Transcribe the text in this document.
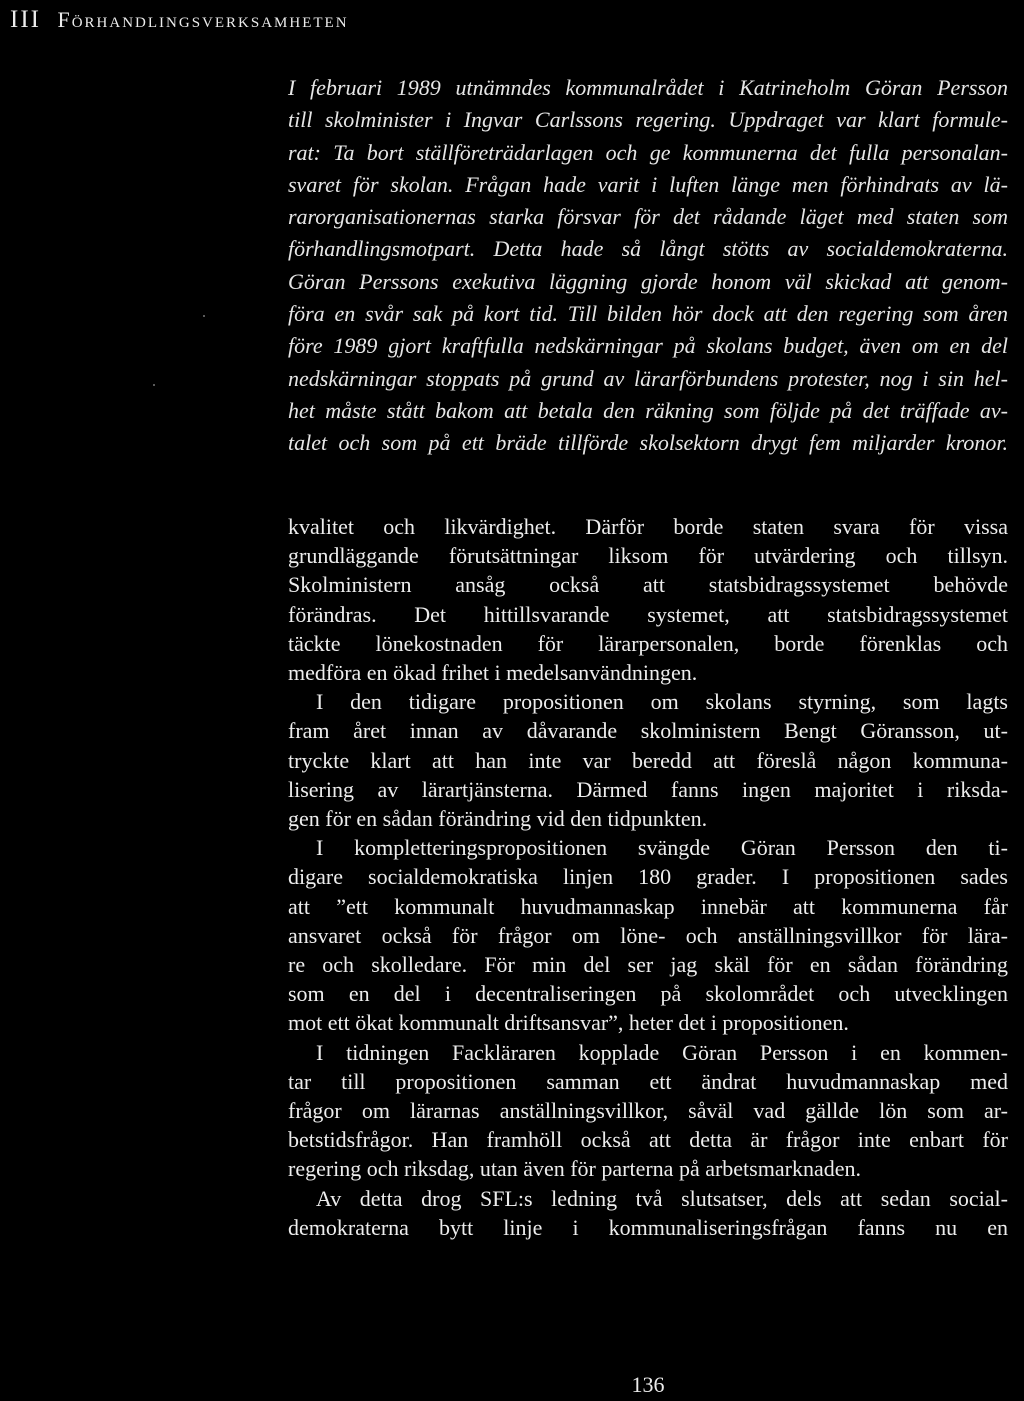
III Förhandlingsverksamheten
I februari 1989 utnämndes kommunalrådet i Katrineholm Göran Persson
till skolminister i Ingvar Carlssons regering. Uppdraget var klart formule-
rat: Ta bort ställföreträdarlagen och ge kommunerna det fulla personalan-
svaret för skolan. Frågan hade varit i luften länge men förhindrats av lä-
rarorganisationernas starka försvar för det rådande läget med staten som
förhandlingsmotpart. Detta hade så långt stötts av socialdemokraterna.
Göran Perssons exekutiva läggning gjorde honom väl skickad att genom-
föra en svår sak på kort tid. Till bilden hör dock att den regering som åren
före 1989 gjort kraftfulla nedskärningar på skolans budget, även om en del
nedskärningar stoppats på grund av lärarförbundens protester, nog i sin hel-
het måste stått bakom att betala den räkning som följde på det träffade av-
talet och som på ett bräde tillförde skolsektorn drygt fem miljarder kronor.
kvalitet och likvärdighet. Därför borde staten svara för vissa
grundläggande förutsättningar liksom för utvärdering och tillsyn.
Skolministern ansåg också att statsbidragssystemet behövde
förändras. Det hittillsvarande systemet, att statsbidragssystemet
täckte lönekostnaden för lärarpersonalen, borde förenklas och
medföra en ökad frihet i medelsanvändningen.
I den tidigare propositionen om skolans styrning, som lagts
fram året innan av dåvarande skolministern Bengt Göransson, ut-
tryckte klart att han inte var beredd att föreslå någon kommuna-
lisering av lärartjänsterna. Därmed fanns ingen majoritet i riksda-
gen för en sådan förändring vid den tidpunkten.
I kompletteringspropositionen svängde Göran Persson den ti-
digare socialdemokratiska linjen 180 grader. I propositionen sades
att ”ett kommunalt huvudmannaskap innebär att kommunerna får
ansvaret också för frågor om löne- och anställningsvillkor för lära-
re och skolledare. För min del ser jag skäl för en sådan förändring
som en del i decentraliseringen på skolområdet och utvecklingen
mot ett ökat kommunalt driftsansvar”, heter det i propositionen.
I tidningen Fackläraren kopplade Göran Persson i en kommen-
tar till propositionen samman ett ändrat huvudmannaskap med
frågor om lärarnas anställningsvillkor, såväl vad gällde lön som ar-
betstidsfrågor. Han framhöll också att detta är frågor inte enbart för
regering och riksdag, utan även för parterna på arbetsmarknaden.
Av detta drog SFL:s ledning två slutsatser, dels att sedan social-
demokraterna bytt linje i kommunaliseringsfrågan fanns nu en
136
